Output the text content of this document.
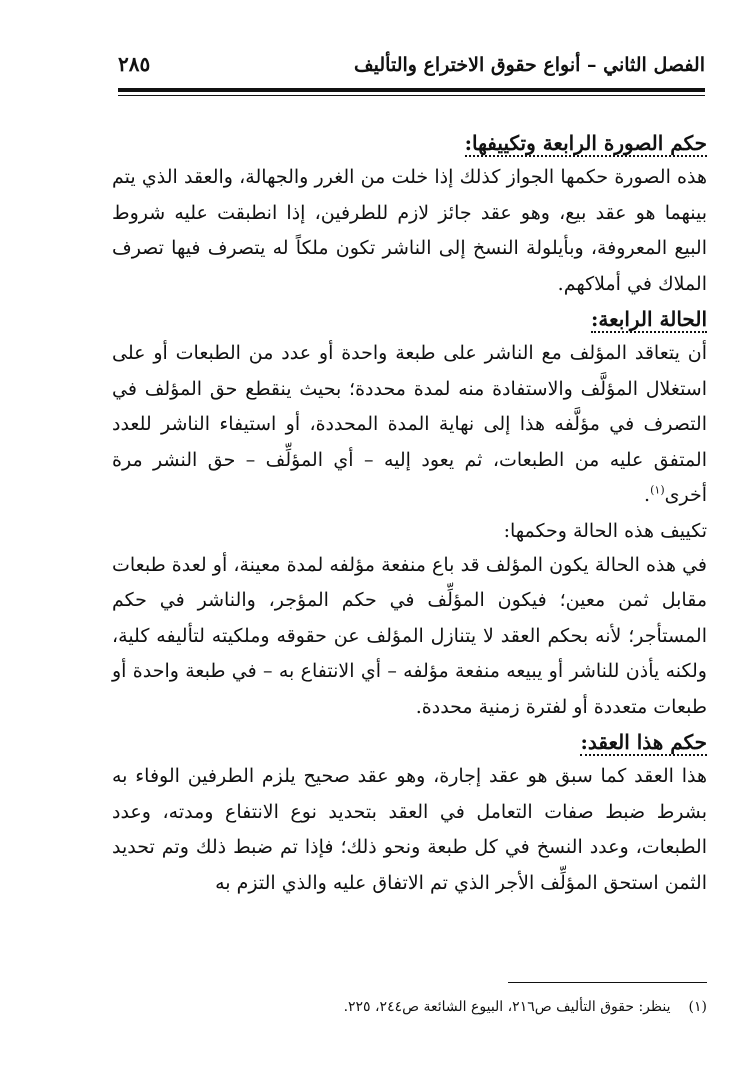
الفصل الثاني – أنواع حقوق الاختراع والتأليف
٢٨٥

حكم الصورة الرابعة وتكييفها:

هذه الصورة حكمها الجواز كذلك إذا خلت من الغرر والجهالة، والعقد الذي يتم بينهما هو عقد بيع، وهو عقد جائز لازم للطرفين، إذا انطبقت عليه شروط البيع المعروفة، وبأيلولة النسخ إلى الناشر تكون ملكاً له يتصرف فيها تصرف الملاك في أملاكهم.

الحالة الرابعة:

أن يتعاقد المؤلف مع الناشر على طبعة واحدة أو عدد من الطبعات أو على استغلال المؤلَّف والاستفادة منه لمدة محددة؛ بحيث ينقطع حق المؤلف في التصرف في مؤلَّفه هذا إلى نهاية المدة المحددة، أو استيفاء الناشر للعدد المتفق عليه من الطبعات، ثم يعود إليه – أي المؤلِّف – حق النشر مرة أخرى$^{(١)}$.

تكييف هذه الحالة وحكمها:

في هذه الحالة يكون المؤلف قد باع منفعة مؤلفه لمدة معينة، أو لعدة طبعات مقابل ثمن معين؛ فيكون المؤلِّف في حكم المؤجر، والناشر في حكم المستأجر؛ لأنه بحكم العقد لا يتنازل المؤلف عن حقوقه وملكيته لتأليفه كلية، ولكنه يأذن للناشر أو يبيعه منفعة مؤلفه – أي الانتفاع به – في طبعة واحدة أو طبعات متعددة أو لفترة زمنية محددة.

حكم هذا العقد:

هذا العقد كما سبق هو عقد إجارة، وهو عقد صحيح يلزم الطرفين الوفاء به بشرط ضبط صفات التعامل في العقد بتحديد نوع الانتفاع ومدته، وعدد الطبعات، وعدد النسخ في كل طبعة ونحو ذلك؛ فإذا تم ضبط ذلك وتم تحديد الثمن استحق المؤلِّف الأجر الذي تم الاتفاق عليه والذي التزم به

(١)ينظر: حقوق التأليف ص٢١٦، البيوع الشائعة ص٢٤٤، ٢٢٥.
